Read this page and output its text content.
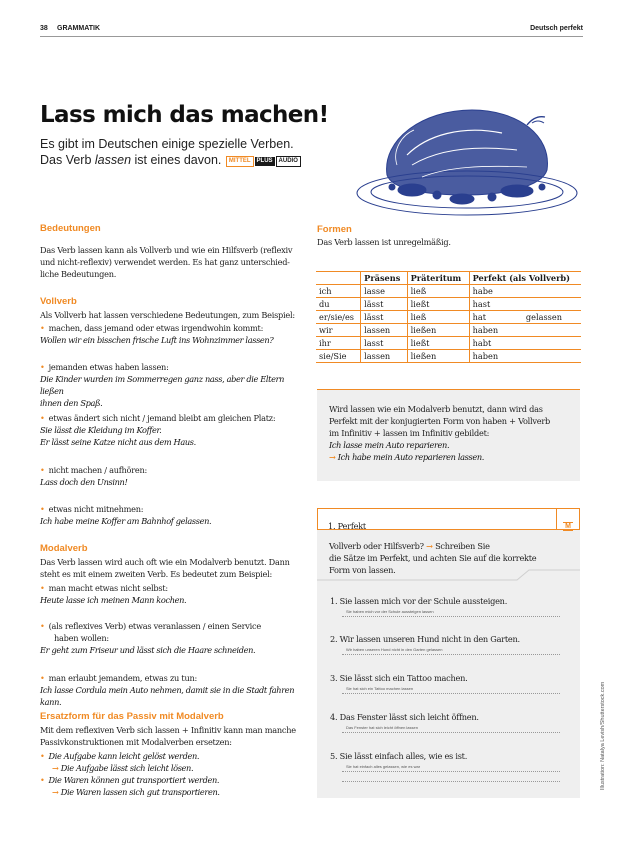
38 GRAMMATIK	Deutsch perfekt
Lass mich das machen!
Es gibt im Deutschen einige spezielle Verben.
Das Verb lassen ist eines davon. MITTEL PLUS AUDIO
Bedeutungen
Das Verb lassen kann als Vollverb und wie ein Hilfsverb (reflexiv
und nicht-reflexiv) verwendet werden. Es hat ganz unterschied-
liche Bedeutungen.
Vollverb
Als Vollverb hat lassen verschiedene Bedeutungen, zum Beispiel:
• machen, dass jemand oder etwas irgendwohin kommt:
Wollen wir ein bisschen frische Luft ins Wohnzimmer lassen?
• jemanden etwas haben lassen:
Die Kinder wurden im Sommerregen ganz nass, aber die Eltern ließen
ihnen den Spaß.
• etwas ändert sich nicht / jemand bleibt am gleichen Platz:
Sie lässt die Kleidung im Koffer.
Er lässt seine Katze nicht aus dem Haus.
• nicht machen / aufhören:
Lass doch den Unsinn!
• etwas nicht mitnehmen:
Ich habe meine Koffer am Bahnhof gelassen.
Modalverb
Das Verb lassen wird auch oft wie ein Modalverb benutzt. Dann
steht es mit einem zweiten Verb. Es bedeutet zum Beispiel:
• man macht etwas nicht selbst:
Heute lasse ich meinen Mann kochen.
• (als reflexives Verb) etwas veranlassen / einen Service
haben wollen:
Er geht zum Friseur und lässt sich die Haare schneiden.
• man erlaubt jemandem, etwas zu tun:
Ich lasse Cordula mein Auto nehmen, damit sie in die Stadt fahren kann.
Ersatzform für das Passiv mit Modalverb
Mit dem reflexiven Verb sich lassen + Infinitiv kann man manche
Passivkonstruktionen mit Modalverben ersetzen:
• Die Aufgabe kann leicht gelöst werden.
→ Die Aufgabe lässt sich leicht lösen.
• Die Waren können gut transportiert werden.
→ Die Waren lassen sich gut transportieren.
Formen
Das Verb lassen ist unregelmäßig.
	Präsens	Präteritum	Perfekt (als Vollverb)
ich	lasse	ließ	habe

du	lässt	ließt	hast

er/sie/es	lässt	ließ	hat gelassen

wir	lassen	ließen	haben

ihr	lasst	ließt	habt

sie/Sie	lassen	ließen	haben
Wird lassen wie ein Modalverb benutzt, dann wird das
Perfekt mit der konjugierten Form von haben + Vollverb
im Infinitiv + lassen im Infinitiv gebildet:
Ich lasse mein Auto reparieren.
→ Ich habe mein Auto reparieren lassen.
1. Perfekt	M
Vollverb oder Hilfsverb? → Schreiben Sie
die Sätze im Perfekt, und achten Sie auf die korrekte
Form von lassen.
1. Sie lassen mich vor der Schule aussteigen.
Sie haben mich vor der Schule aussteigen lassen
2. Wir lassen unseren Hund nicht in den Garten.
Wir haben unseren Hund nicht in den Garten gelassen
3. Sie lässt sich ein Tattoo machen.
Sie hat sich ein Tattoo machen lassen
4. Das Fenster lässt sich leicht öffnen.
Das Fenster hat sich leicht öffnen lassen
5. Sie lässt einfach alles, wie es ist.
Sie hat einfach alles gelassen, wie es war	Illustration: Natalya Levish/Shutterstock.com
